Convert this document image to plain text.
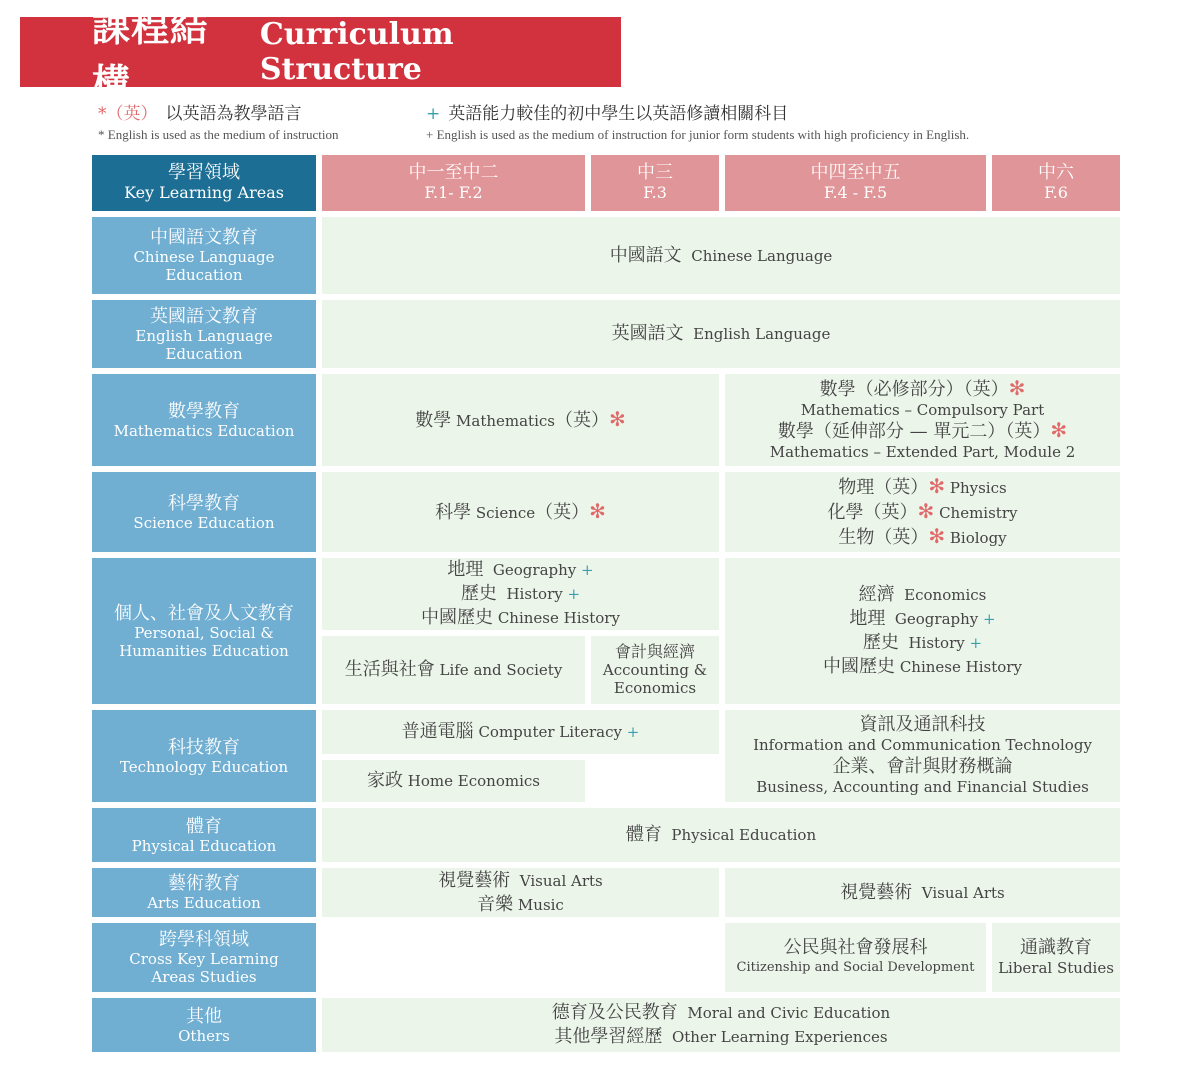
課程結構
Curriculum Structure
*（英） 以英語為教學語言
* English is used as the medium of instruction
+ 英語能力較佳的初中學生以英語修讀相關科目
+ English is used as the medium of instruction for junior form students with high proficiency in English.
學習領域
Key Learning Areas
中一至中二
F.1- F.2
中三
F.3
中四至中五
F.4 - F.5
中六
F.6
中國語文教育
Chinese Language Education
英國語文教育
English Language Education
數學教育
Mathematics Education
科學教育
Science Education
個人、社會及人文教育
Personal, Social & Humanities Education
科技教育
Technology Education
體育
Physical Education
藝術教育
Arts Education
跨學科領域
Cross Key Learning Areas Studies
其他
Others
中國語文 Chinese Language
英國語文 English Language
數學 Mathematics（英）✻
數學（必修部分）（英）✻
Mathematics – Compulsory Part
數學（延伸部分 — 單元二）（英）✻
Mathematics – Extended Part, Module 2
科學 Science（英）✻
物理（英）✻ Physics
化學（英）✻ Chemistry
生物（英）✻ Biology
地理 Geography +
歷史 History +
中國歷史 Chinese History
生活與社會 Life and Society
會計與經濟
Accounting & Economics
經濟 Economics
地理 Geography +
歷史 History +
中國歷史 Chinese History
普通電腦 Computer Literacy +
家政 Home Economics
資訊及通訊科技
Information and Communication Technology
企業、會計與財務概論
Business, Accounting and Financial Studies
體育 Physical Education
視覺藝術 Visual Arts
音樂 Music
視覺藝術 Visual Arts
公民與社會發展科
Citizenship and Social Development
通識教育
Liberal Studies
德育及公民教育 Moral and Civic Education
其他學習經歷 Other Learning Experiences
